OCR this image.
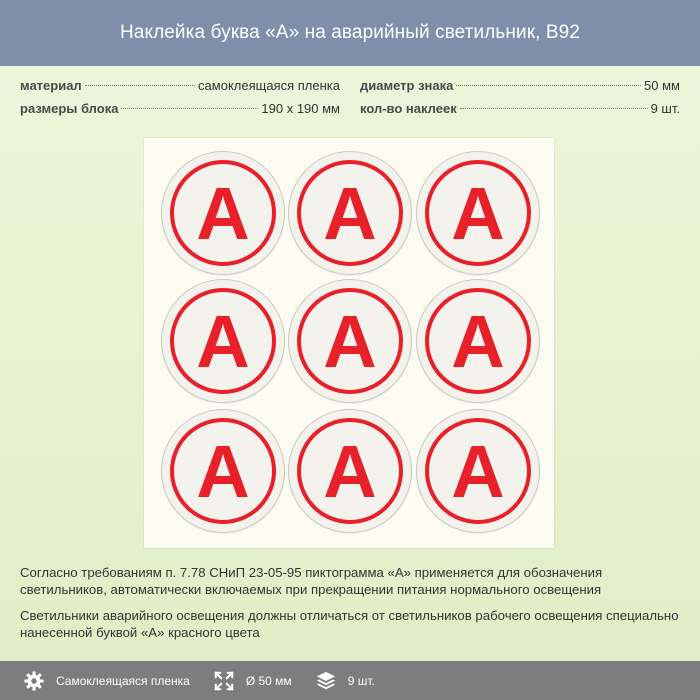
Наклейка буква «А» на аварийный светильник, B92
материал	самоклеящаяся пленка
размеры блока	190 х 190 мм
диаметр знака	50 мм
кол-во наклеек	9 шт.
А А	А
А А	А
А А	А
Согласно требованиям п. 7.78 СНиП 23-05-95 пиктограмма «А» применяется для обозначения светильников, автоматически включаемых при прекращении питания нормального освещения
Светильники аварийного освещения должны отличаться от светильников рабочего освещения специально нанесенной буквой «А» красного цвета
Самоклеящаяся пленка	Ø 50 мм	9 шт.
